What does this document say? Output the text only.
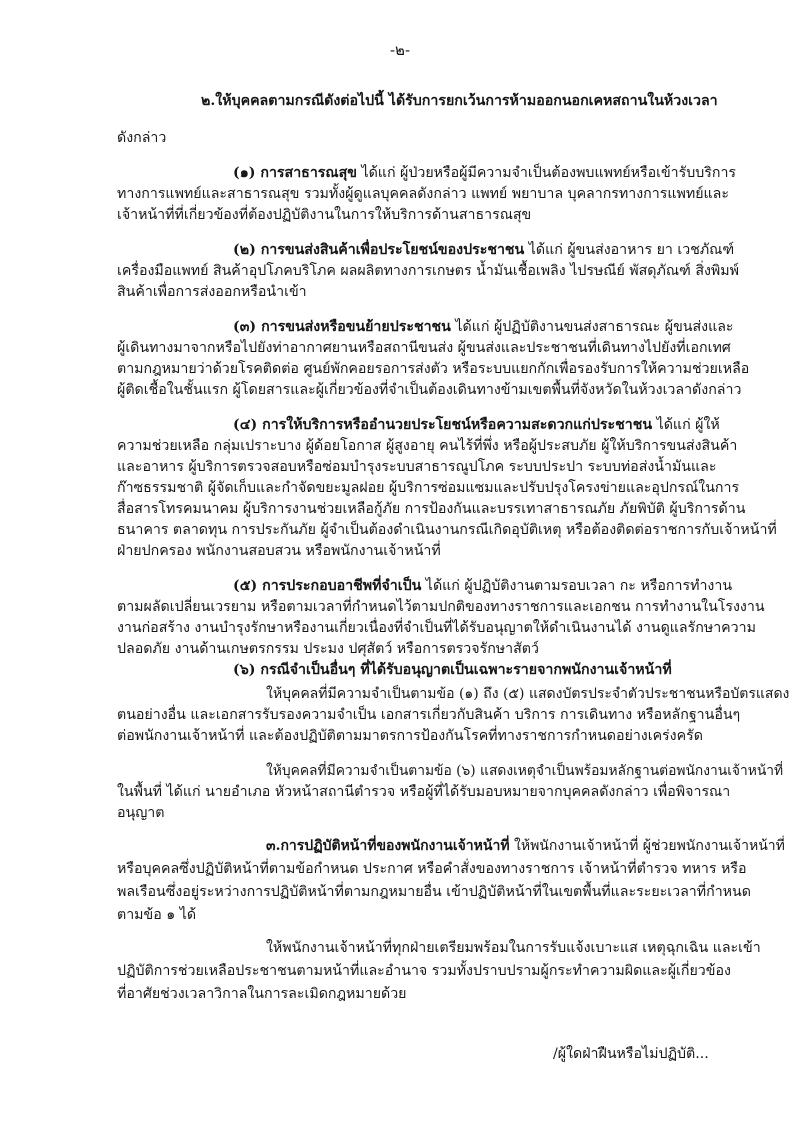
-๒-
๒.ให้บุคคลตามกรณีดังต่อไปนี้ ได้รับการยกเว้นการห้ามออกนอกเคหสถานในห้วงเวลา
ดังกล่าว
(๑) การสาธารณสุข ได้แก่ ผู้ป่วยหรือผู้มีความจำเป็นต้องพบแพทย์หรือเข้ารับบริการ
ทางการแพทย์และสาธารณสุข รวมทั้งผู้ดูแลบุคคลดังกล่าว แพทย์ พยาบาล บุคลากรทางการแพทย์และ
เจ้าหน้าที่ที่เกี่ยวข้องที่ต้องปฏิบัติงานในการให้บริการด้านสาธารณสุข
(๒) การขนส่งสินค้าเพื่อประโยชน์ของประชาชน ได้แก่ ผู้ขนส่งอาหาร ยา เวชภัณฑ์
เครื่องมือแพทย์ สินค้าอุปโภคบริโภค ผลผลิตทางการเกษตร น้ำมันเชื้อเพลิง ไปรษณีย์ พัสดุภัณฑ์ สิ่งพิมพ์
สินค้าเพื่อการส่งออกหรือนำเข้า
(๓) การขนส่งหรือขนย้ายประชาชน ได้แก่ ผู้ปฏิบัติงานขนส่งสาธารณะ ผู้ขนส่งและ
ผู้เดินทางมาจากหรือไปยังท่าอากาศยานหรือสถานีขนส่ง ผู้ขนส่งและประชาชนที่เดินทางไปยังที่เอกเทศ
ตามกฎหมายว่าด้วยโรคติดต่อ ศูนย์พักคอยรอการส่งตัว หรือระบบแยกกักเพื่อรองรับการให้ความช่วยเหลือ
ผู้ติดเชื้อในชั้นแรก ผู้โดยสารและผู้เกี่ยวข้องที่จำเป็นต้องเดินทางข้ามเขตพื้นที่จังหวัดในห้วงเวลาดังกล่าว
(๔) การให้บริการหรืออำนวยประโยชน์หรือความสะดวกแก่ประชาชน ได้แก่ ผู้ให้
ความช่วยเหลือ กลุ่มเปราะบาง ผู้ด้อยโอกาส ผู้สูงอายุ คนไร้ที่พึ่ง หรือผู้ประสบภัย ผู้ให้บริการขนส่งสินค้า
และอาหาร ผู้บริการตรวจสอบหรือซ่อมบำรุงระบบสาธารณูปโภค ระบบประปา ระบบท่อส่งน้ำมันและ
ก๊าซธรรมชาติ ผู้จัดเก็บและกำจัดขยะมูลฝอย ผู้บริการซ่อมแซมและปรับปรุงโครงข่ายและอุปกรณ์ในการ
สื่อสารโทรคมนาคม ผู้บริการงานช่วยเหลือกู้ภัย การป้องกันและบรรเทาสาธารณภัย ภัยพิบัติ ผู้บริการด้าน
ธนาคาร ตลาดทุน การประกันภัย ผู้จำเป็นต้องดำเนินงานกรณีเกิดอุบัติเหตุ หรือต้องติดต่อราชการกับเจ้าหน้าที่
ฝ่ายปกครอง พนักงานสอบสวน หรือพนักงานเจ้าหน้าที่
(๕) การประกอบอาชีพที่จำเป็น ได้แก่ ผู้ปฏิบัติงานตามรอบเวลา กะ หรือการทำงาน
ตามผลัดเปลี่ยนเวรยาม หรือตามเวลาที่กำหนดไว้ตามปกติของทางราชการและเอกชน การทำงานในโรงงาน
งานก่อสร้าง งานบำรุงรักษาหรืองานเกี่ยวเนื่องที่จำเป็นที่ได้รับอนุญาตให้ดำเนินงานได้ งานดูแลรักษาความ
ปลอดภัย งานด้านเกษตรกรรม ประมง ปศุสัตว์ หรือการตรวจรักษาสัตว์
(๖) กรณีจำเป็นอื่นๆ ที่ได้รับอนุญาตเป็นเฉพาะรายจากพนักงานเจ้าหน้าที่
ให้บุคคลที่มีความจำเป็นตามข้อ (๑) ถึง (๕) แสดงบัตรประจำตัวประชาชนหรือบัตรแสดง
ตนอย่างอื่น และเอกสารรับรองความจำเป็น เอกสารเกี่ยวกับสินค้า บริการ การเดินทาง หรือหลักฐานอื่นๆ
ต่อพนักงานเจ้าหน้าที่ และต้องปฏิบัติตามมาตรการป้องกันโรคที่ทางราชการกำหนดอย่างเคร่งครัด
ให้บุคคลที่มีความจำเป็นตามข้อ (๖) แสดงเหตุจำเป็นพร้อมหลักฐานต่อพนักงานเจ้าหน้าที่
ในพื้นที่ ได้แก่ นายอำเภอ หัวหน้าสถานีตำรวจ หรือผู้ที่ได้รับมอบหมายจากบุคคลดังกล่าว เพื่อพิจารณา
อนุญาต
๓.การปฏิบัติหน้าที่ของพนักงานเจ้าหน้าที่ ให้พนักงานเจ้าหน้าที่ ผู้ช่วยพนักงานเจ้าหน้าที่
หรือบุคคลซึ่งปฏิบัติหน้าที่ตามข้อกำหนด ประกาศ หรือคำสั่งของทางราชการ เจ้าหน้าที่ตำรวจ ทหาร หรือ
พลเรือนซึ่งอยู่ระหว่างการปฏิบัติหน้าที่ตามกฎหมายอื่น เข้าปฏิบัติหน้าที่ในเขตพื้นที่และระยะเวลาที่กำหนด
ตามข้อ ๑ ได้
ให้พนักงานเจ้าหน้าที่ทุกฝ่ายเตรียมพร้อมในการรับแจ้งเบาะแส เหตุฉุกเฉิน และเข้า
ปฏิบัติการช่วยเหลือประชาชนตามหน้าที่และอำนาจ รวมทั้งปราบปรามผู้กระทำความผิดและผู้เกี่ยวข้อง
ที่อาศัยช่วงเวลาวิกาลในการละเมิดกฎหมายด้วย
/ผู้ใดฝ่าฝืนหรือไม่ปฏิบัติ...
